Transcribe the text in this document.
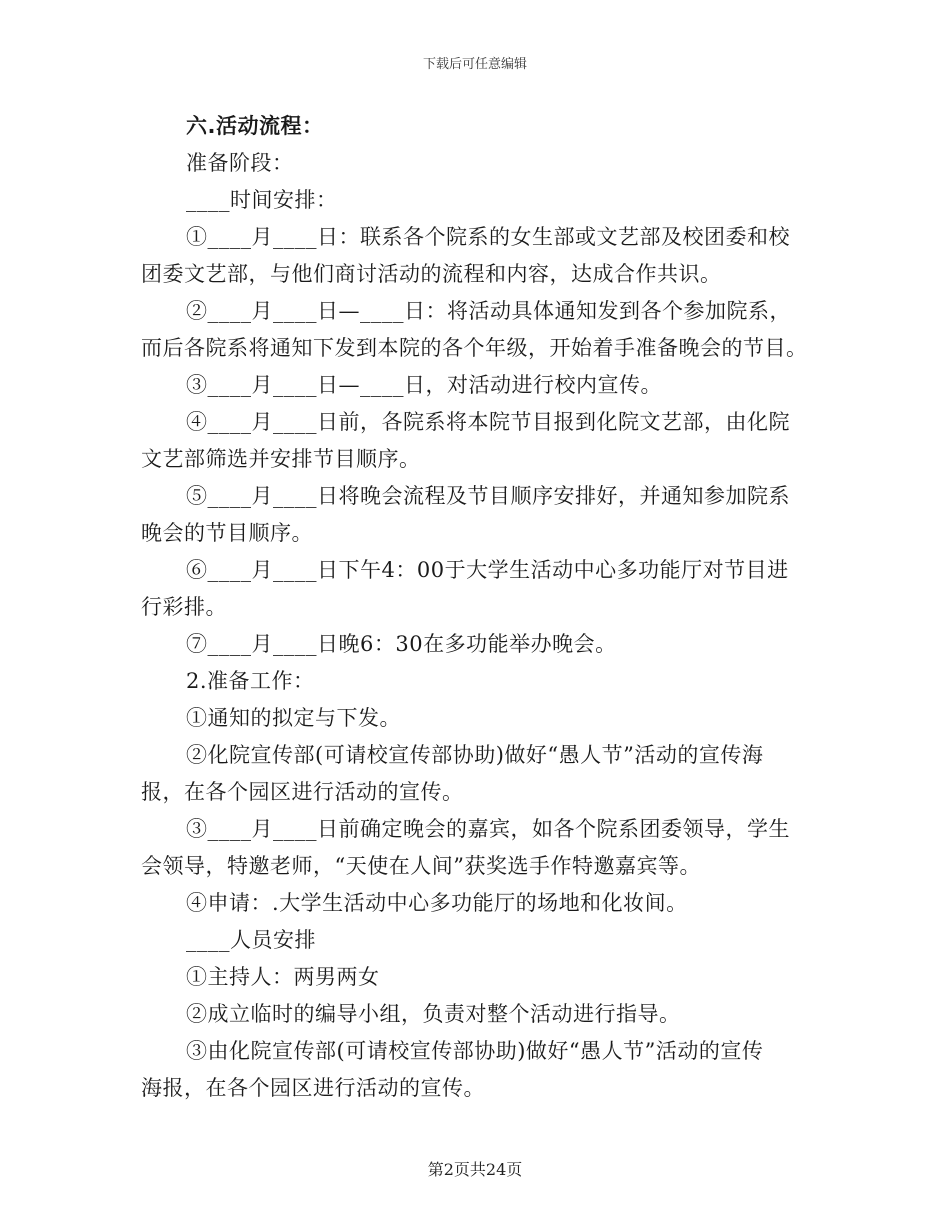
下载后可任意编辑
六.活动流程：
准备阶段：
____时间安排：
①____月____日：联系各个院系的女生部或文艺部及校团委和校
团委文艺部，与他们商讨活动的流程和内容，达成合作共识。
②____月____日—____日：将活动具体通知发到各个参加院系，
而后各院系将通知下发到本院的各个年级，开始着手准备晚会的节目。
③____月____日—____日，对活动进行校内宣传。
④____月____日前，各院系将本院节目报到化院文艺部，由化院
文艺部筛选并安排节目顺序。
⑤____月____日将晚会流程及节目顺序安排好，并通知参加院系
晚会的节目顺序。
⑥____月____日下午4：00于大学生活动中心多功能厅对节目进
行彩排。
⑦____月____日晚6：30在多功能举办晚会。
2.准备工作：
①通知的拟定与下发。
②化院宣传部(可请校宣传部协助)做好“愚人节”活动的宣传海
报，在各个园区进行活动的宣传。
③____月____日前确定晚会的嘉宾，如各个院系团委领导，学生
会领导，特邀老师，“天使在人间”获奖选手作特邀嘉宾等。
④申请：.大学生活动中心多功能厅的场地和化妆间。
____人员安排
①主持人：两男两女
②成立临时的编导小组，负责对整个活动进行指导。
③由化院宣传部(可请校宣传部协助)做好“愚人节”活动的宣传
海报，在各个园区进行活动的宣传。
第2页共24页
